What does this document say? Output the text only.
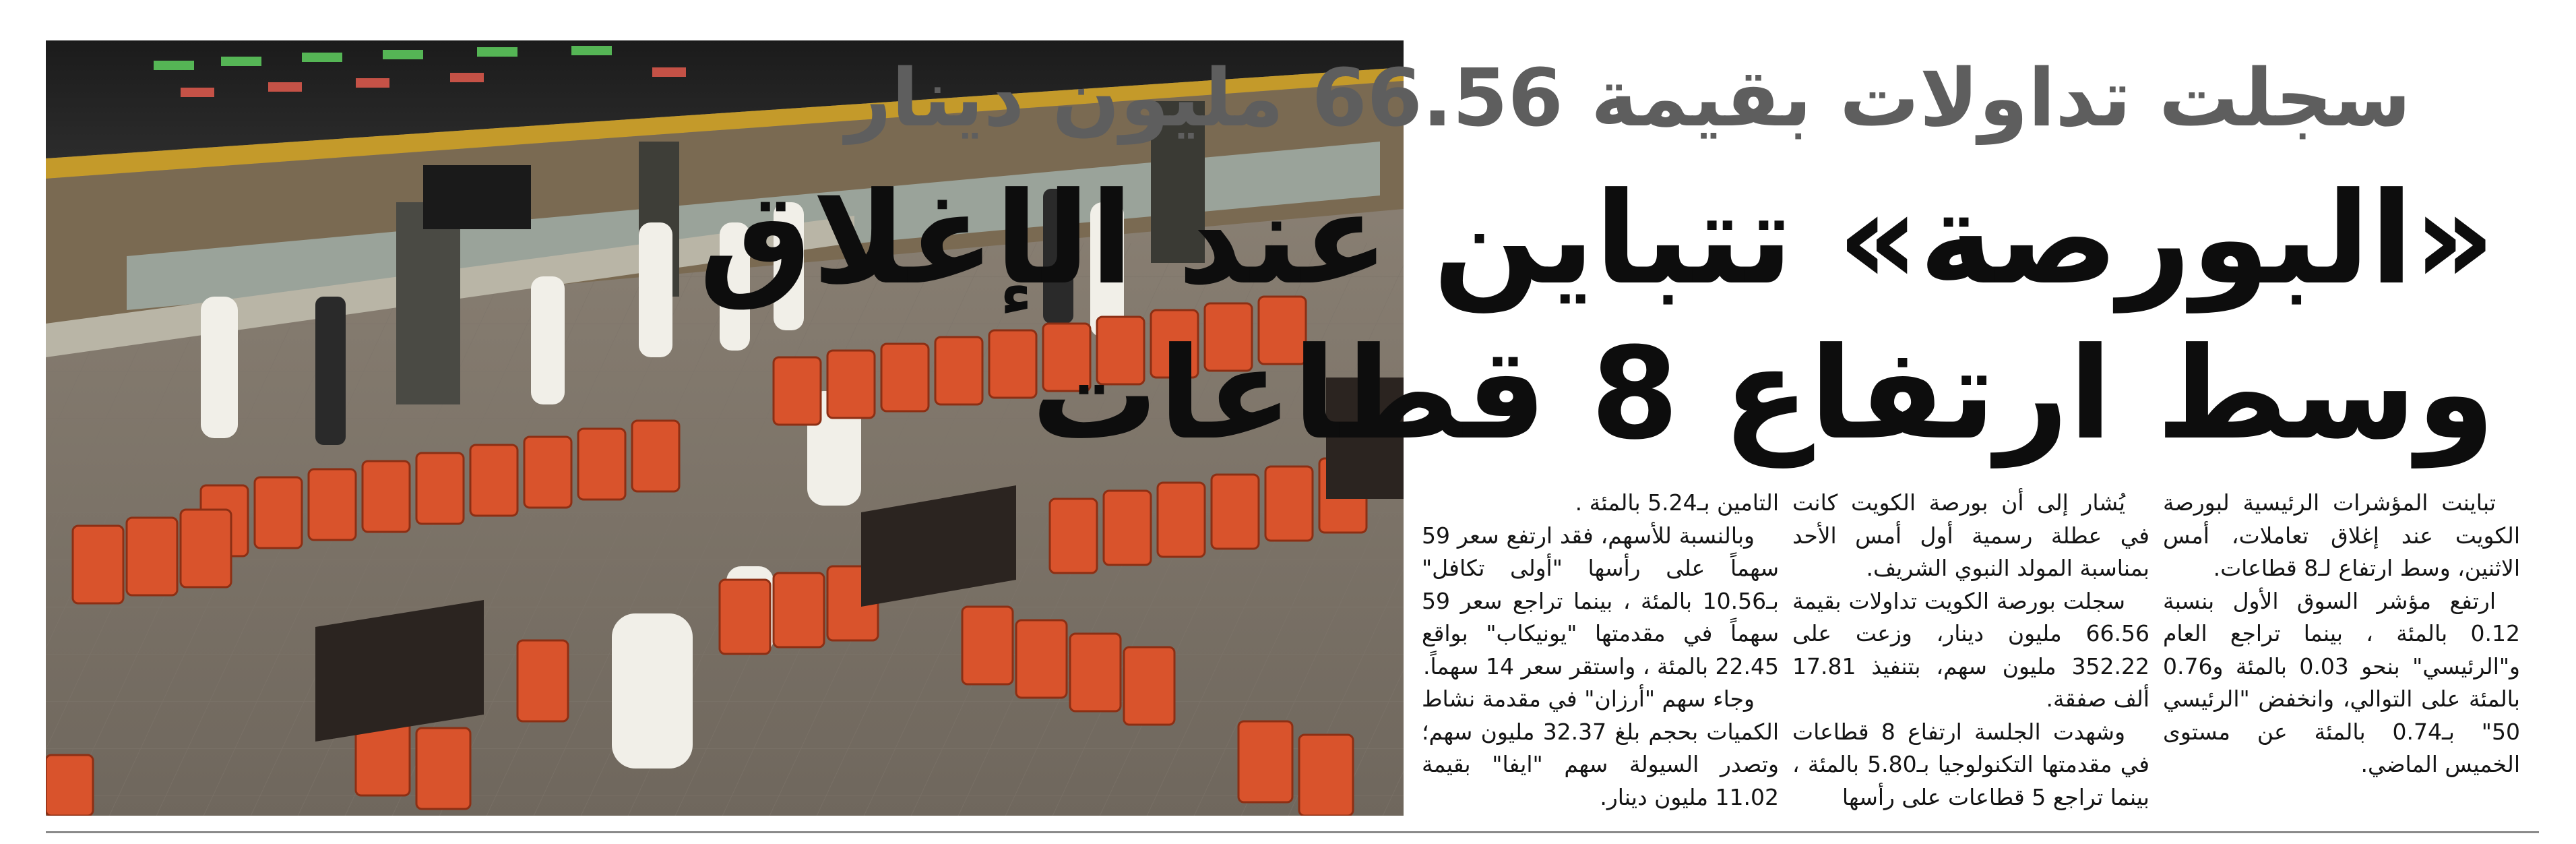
سجلت تداولات بقيمة 66.56 مليون دينار
«البورصة» تتباين عند الإغلاق
وسط ارتفاع 8 قطاعات

تباينت المؤشرات الرئيسية لبورصة الكويت عند إغلاق تعاملات، أمس الاثنين، وسط ارتفاع لـ8 قطاعات.

ارتفع مؤشر السوق الأول بنسبة 0.12 بالمئة ، بينما تراجع العام و"الرئيسي" بنحو 0.03 بالمئة و0.76 بالمئة على التوالي، وانخفض "الرئيسي 50" بـ0.74 بالمئة عن مستوى الخميس الماضي.

يُشار إلى أن بورصة الكويت كانت في عطلة رسمية أول أمس الأحد بمناسبة المولد النبوي الشريف.

سجلت بورصة الكويت تداولات بقيمة 66.56 مليون دينار، وزعت على 352.22 مليون سهم، بتنفيذ 17.81 ألف صفقة.

وشهدت الجلسة ارتفاع 8 قطاعات في مقدمتها التكنولوجيا بـ5.80 بالمئة ، بينما تراجع 5 قطاعات على رأسها

التامين بـ5.24 بالمئة .

وبالنسبة للأسهم، فقد ارتفع سعر 59 سهماً على رأسها "أولى تكافل" بـ10.56 بالمئة ، بينما تراجع سعر 59 سهماً في مقدمتها "يونيكاب" بواقع 22.45 بالمئة ، واستقر سعر 14 سهماً.

وجاء سهم "أرزان" في مقدمة نشاط الكميات بحجم بلغ 32.37 مليون سهم؛ وتصدر السيولة سهم "ايفا" بقيمة 11.02 مليون دينار.
